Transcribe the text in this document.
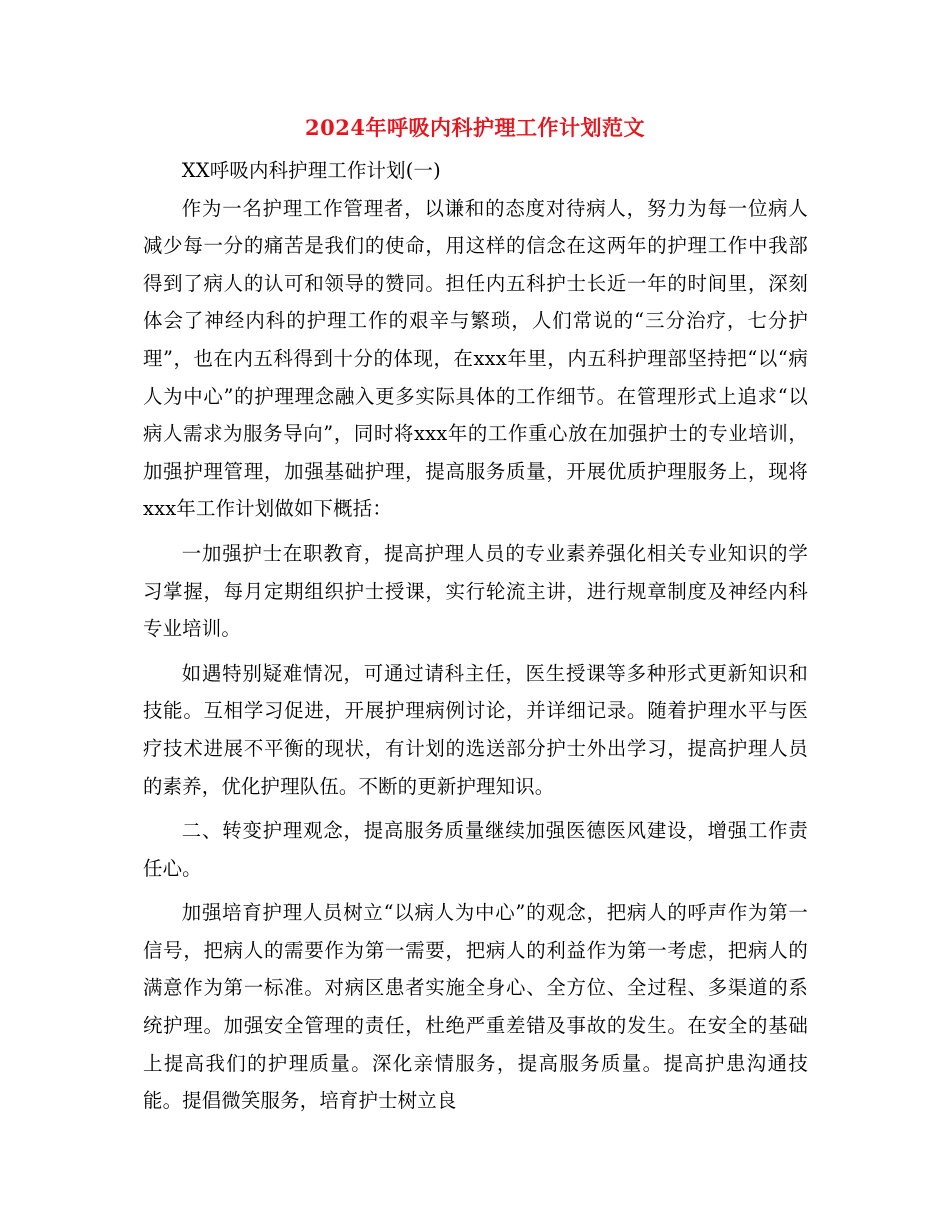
2024年呼吸内科护理工作计划范文

XX呼吸内科护理工作计划(一)

作为一名护理工作管理者，以谦和的态度对待病人，努力为每一位病人减少每一分的痛苦是我们的使命，用这样的信念在这两年的护理工作中我部得到了病人的认可和领导的赞同。担任内五科护士长近一年的时间里，深刻体会了神经内科的护理工作的艰辛与繁琐，人们常说的“三分治疗，七分护理”，也在内五科得到十分的体现，在xxx年里，内五科护理部坚持把“以“病人为中心”的护理理念融入更多实际具体的工作细节。在管理形式上追求“以病人需求为服务导向”，同时将xxx年的工作重心放在加强护士的专业培训，加强护理管理，加强基础护理，提高服务质量，开展优质护理服务上，现将xxx年工作计划做如下概括：

一加强护士在职教育，提高护理人员的专业素养强化相关专业知识的学习掌握，每月定期组织护士授课，实行轮流主讲，进行规章制度及神经内科专业培训。

如遇特别疑难情况，可通过请科主任，医生授课等多种形式更新知识和技能。互相学习促进，开展护理病例讨论，并详细记录。随着护理水平与医疗技术进展不平衡的现状，有计划的选送部分护士外出学习，提高护理人员的素养，优化护理队伍。不断的更新护理知识。

二、转变护理观念，提高服务质量继续加强医德医风建设，增强工作责任心。

加强培育护理人员树立“以病人为中心”的观念，把病人的呼声作为第一信号，把病人的需要作为第一需要，把病人的利益作为第一考虑，把病人的满意作为第一标准。对病区患者实施全身心、全方位、全过程、多渠道的系统护理。加强安全管理的责任，杜绝严重差错及事故的发生。在安全的基础上提高我们的护理质量。深化亲情服务，提高服务质量。提高护患沟通技能。提倡微笑服务，培育护士树立良
